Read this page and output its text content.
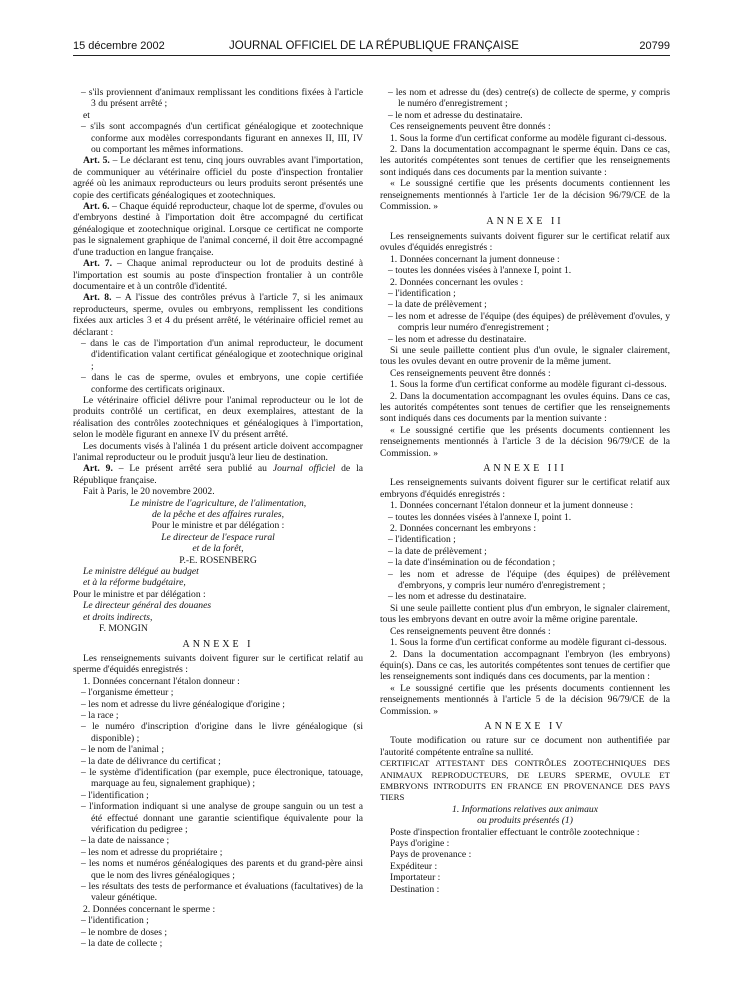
15 décembre 2002	JOURNAL OFFICIEL DE LA RÉPUBLIQUE FRANÇAISE	20799

– s'ils proviennent d'animaux remplissant les conditions fixées à l'article 3 du présent arrêté ;

et

– s'ils sont accompagnés d'un certificat généalogique et zootechnique conforme aux modèles correspondants figurant en annexes II, III, IV ou comportant les mêmes informations.

Art. 5. – Le déclarant est tenu, cinq jours ouvrables avant l'importation, de communiquer au vétérinaire officiel du poste d'inspection frontalier agréé où les animaux reproducteurs ou leurs produits seront présentés une copie des certificats généalogiques et zootechniques.

Art. 6. – Chaque équidé reproducteur, chaque lot de sperme, d'ovules ou d'embryons destiné à l'importation doit être accompagné du certificat généalogique et zootechnique original. Lorsque ce certificat ne comporte pas le signalement graphique de l'animal concerné, il doit être accompagné d'une traduction en langue française.

Art. 7. – Chaque animal reproducteur ou lot de produits destiné à l'importation est soumis au poste d'inspection frontalier à un contrôle documentaire et à un contrôle d'identité.

Art. 8. – A l'issue des contrôles prévus à l'article 7, si les animaux reproducteurs, sperme, ovules ou embryons, remplissent les conditions fixées aux articles 3 et 4 du présent arrêté, le vétérinaire officiel remet au déclarant :

– dans le cas de l'importation d'un animal reproducteur, le document d'identification valant certificat généalogique et zootechnique original ;

– dans le cas de sperme, ovules et embryons, une copie certifiée conforme des certificats originaux.

Le vétérinaire officiel délivre pour l'animal reproducteur ou le lot de produits contrôlé un certificat, en deux exemplaires, attestant de la réalisation des contrôles zootechniques et généalogiques à l'importation, selon le modèle figurant en annexe IV du présent arrêté.

Les documents visés à l'alinéa 1 du présent article doivent accompagner l'animal reproducteur ou le produit jusqu'à leur lieu de destination.

Art. 9. – Le présent arrêté sera publié au Journal officiel de la République française.

Fait à Paris, le 20 novembre 2002.

Le ministre de l'agriculture, de l'alimentation,

de la pêche et des affaires rurales,

Pour le ministre et par délégation :

Le directeur de l'espace rural

et de la forêt,

P.-E. ROSENBERG

Le ministre délégué au budget

et à la réforme budgétaire,

Pour le ministre et par délégation :

Le directeur général des douanes

et droits indirects,

F. MONGIN

ANNEXE I

Les renseignements suivants doivent figurer sur le certificat relatif au sperme d'équidés enregistrés :

1. Données concernant l'étalon donneur :

– l'organisme émetteur ;

– les nom et adresse du livre généalogique d'origine ;

– la race ;

– le numéro d'inscription d'origine dans le livre généalogique (si disponible) ;

– le nom de l'animal ;

– la date de délivrance du certificat ;

– le système d'identification (par exemple, puce électronique, tatouage, marquage au feu, signalement graphique) ;

– l'identification ;

– l'information indiquant si une analyse de groupe sanguin ou un test a été effectué donnant une garantie scientifique équivalente pour la vérification du pedigree ;

– la date de naissance ;

– les nom et adresse du propriétaire ;

– les noms et numéros généalogiques des parents et du grand-père ainsi que le nom des livres généalogiques ;

– les résultats des tests de performance et évaluations (facultatives) de la valeur génétique.

2. Données concernant le sperme :

– l'identification ;

– le nombre de doses ;

– la date de collecte ;

– les nom et adresse du (des) centre(s) de collecte de sperme, y compris le numéro d'enregistrement ;

– le nom et adresse du destinataire.

Ces renseignements peuvent être donnés :

1. Sous la forme d'un certificat conforme au modèle figurant ci-dessous.

2. Dans la documentation accompagnant le sperme équin. Dans ce cas, les autorités compétentes sont tenues de certifier que les renseignements sont indiqués dans ces documents par la mention suivante :

« Le soussigné certifie que les présents documents contiennent les renseignements mentionnés à l'article 1er de la décision 96/79/CE de la Commission. »

ANNEXE II

Les renseignements suivants doivent figurer sur le certificat relatif aux ovules d'équidés enregistrés :

1. Données concernant la jument donneuse :

– toutes les données visées à l'annexe I, point 1.

2. Données concernant les ovules :

– l'identification ;

– la date de prélèvement ;

– les nom et adresse de l'équipe (des équipes) de prélèvement d'ovules, y compris leur numéro d'enregistrement ;

– les nom et adresse du destinataire.

Si une seule paillette contient plus d'un ovule, le signaler clairement, tous les ovules devant en outre provenir de la même jument.

Ces renseignements peuvent être donnés :

1. Sous la forme d'un certificat conforme au modèle figurant ci-dessous.

2. Dans la documentation accompagnant les ovules équins. Dans ce cas, les autorités compétentes sont tenues de certifier que les renseignements sont indiqués dans ces documents par la mention suivante :

« Le soussigné certifie que les présents documents contiennent les renseignements mentionnés à l'article 3 de la décision 96/79/CE de la Commission. »

ANNEXE III

Les renseignements suivants doivent figurer sur le certificat relatif aux embryons d'équidés enregistrés :

1. Données concernant l'étalon donneur et la jument donneuse :

– toutes les données visées à l'annexe I, point 1.

2. Données concernant les embryons :

– l'identification ;

– la date de prélèvement ;

– la date d'insémination ou de fécondation ;

– les nom et adresse de l'équipe (des équipes) de prélèvement d'embryons, y compris leur numéro d'enregistrement ;

– les nom et adresse du destinataire.

Si une seule paillette contient plus d'un embryon, le signaler clairement, tous les embryons devant en outre avoir la même origine parentale.

Ces renseignements peuvent être donnés :

1. Sous la forme d'un certificat conforme au modèle figurant ci-dessous.

2. Dans la documentation accompagnant l'embryon (les embryons) équin(s). Dans ce cas, les autorités compétentes sont tenues de certifier que les renseignements sont indiqués dans ces documents, par la mention :

« Le soussigné certifie que les présents documents contiennent les renseignements mentionnés à l'article 5 de la décision 96/79/CE de la Commission. »

ANNEXE IV

Toute modification ou rature sur ce document non authentifiée par l'autorité compétente entraîne sa nullité.

CERTIFICAT ATTESTANT DES CONTRÔLES ZOOTECHNIQUES DES ANIMAUX REPRODUCTEURS, DE LEURS SPERME, OVULE ET EMBRYONS INTRODUITS EN FRANCE EN PROVENANCE DES PAYS TIERS

1. Informations relatives aux animaux

ou produits présentés (1)

Poste d'inspection frontalier effectuant le contrôle zootechnique :

Pays d'origine :

Pays de provenance :

Expéditeur :

Importateur :

Destination :
